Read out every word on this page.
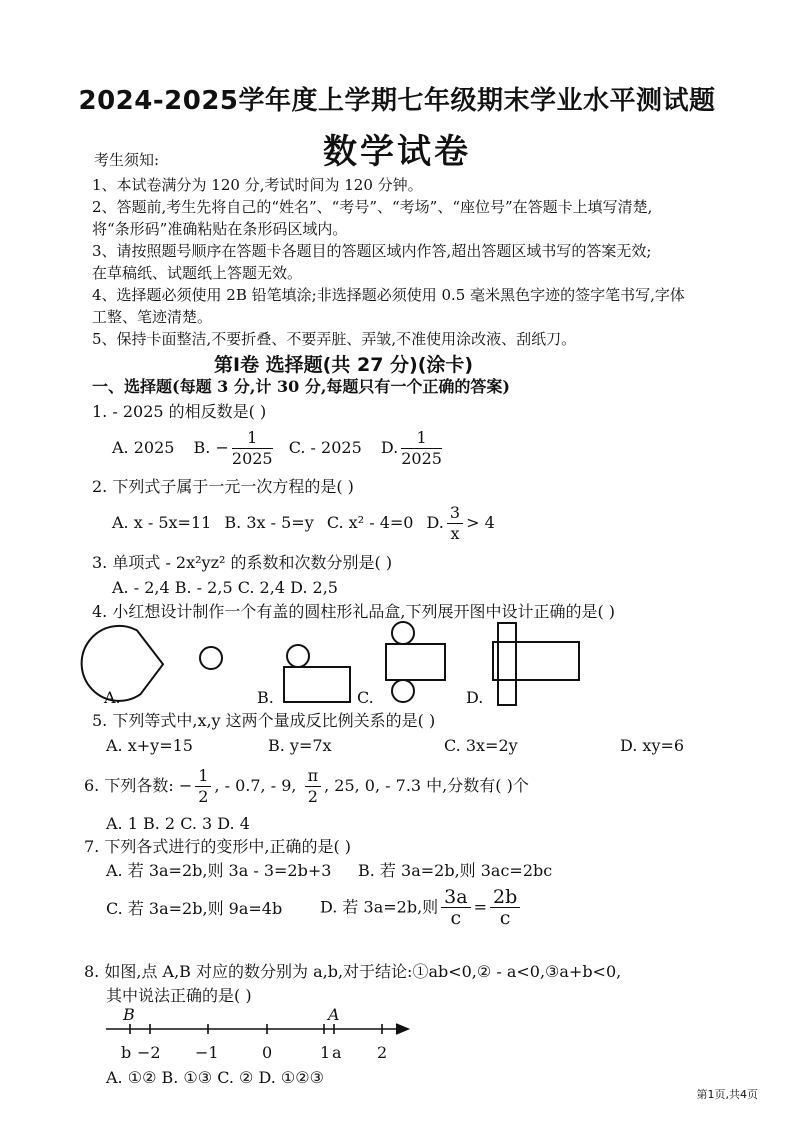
2024-2025学年度上学期七年级期末学业水平测试题
数学试卷
考生须知:
1、本试卷满分为 120 分,考试时间为 120 分钟。
2、答题前,考生先将自己的“姓名”、“考号”、“考场”、“座位号”在答题卡上填写清楚,
将“条形码”准确粘贴在条形码区域内。
3、请按照题号顺序在答题卡各题目的答题区域内作答,超出答题区域书写的答案无效;
在草稿纸、试题纸上答题无效。
4、选择题必须使用 2B 铅笔填涂;非选择题必须使用 0.5 毫米黑色字迹的签字笔书写,字体
工整、笔迹清楚。
5、保持卡面整洁,不要折叠、不要弄脏、弄皱,不准使用涂改液、刮纸刀。
第Ⅰ卷 选择题(共 27 分)(涂卡)
一、选择题(每题 3 分,计 30 分,每题只有一个正确的答案)
1. - 2025 的相反数是( )
A. 2025 B. − $\frac{1}{2025} C$. - 2025 D. $\frac{1}{2025}$
2. 下列式子属于一元一次方程的是( )
A. x - 5x=11 B. 3x - 5=y C. x² - 4=0 D. $\frac{3}{x} > 4$
3. 单项式 - 2x²yz² 的系数和次数分别是( )
A. - 2,4 B. - 2,5 C. 2,4 D. 2,5
4. 小红想设计制作一个有盖的圆柱形礼品盒,下列展开图中设计正确的是( )
A.	B.	C.	D.
5. 下列等式中,x,y 这两个量成反比例关系的是( )
A. x+y=15	B. y=7x	C. 3x=2y	D. xy=6
6. 下列各数: − $\frac{1}{2}$ , - 0.7, - 9, $\frac{\pi}{2}$ , 25, 0, - 7.3 中,分数有( )个
A. 1 B. 2 C. 3 D. 4
7. 下列各式进行的变形中,正确的是( )
A. 若 3a=2b,则 3a - 3=2b+3 B. 若 3a=2b,则 3ac=2bc
C. 若 3a=2b,则 9a=4b D. 若 3a=2b,则 $\frac{3a}{c} = \frac{2b}{c}$
8. 如图,点 A,B 对应的数分别为 a,b,对于结论:①ab<0,② - a<0,③a+b<0,
其中说法正确的是( )
B	A
b −2 −1	0	1 a 2
A. ①② B. ①③ C. ② D. ①②③
第1页,共4页
